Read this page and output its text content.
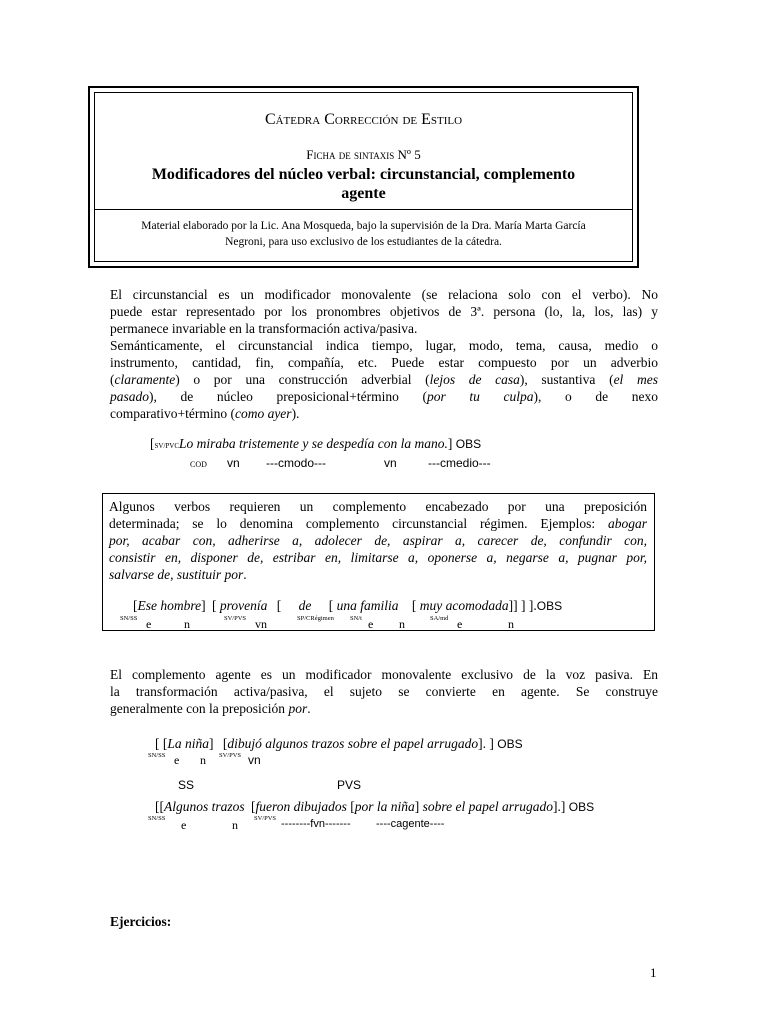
Cátedra Corrección de Estilo
Ficha de sintaxis Nº 5
Modificadores del núcleo verbal: circunstancial, complemento
agente
Material elaborado por la Lic. Ana Mosqueda, bajo la supervisión de la Dra. María Marta García
Negroni, para uso exclusivo de los estudiantes de la cátedra.
El circunstancial es un modificador monovalente (se relaciona solo con el verbo). No
puede estar representado por los pronombres objetivos de 3ª. persona (lo, la, los, las) y
permanece invariable en la transformación activa/pasiva.
Semánticamente, el circunstancial indica tiempo, lugar, modo, tema, causa, medio o
instrumento, cantidad, fin, compañía, etc. Puede estar compuesto por un adverbio
(claramente) o por una construcción adverbial (lejos de casa), sustantiva (el mes
pasado), de núcleo preposicional+término (por tu culpa), o de nexo
comparativo+término (como ayer).
[SV/PVCLo miraba tristemente y se despedía con la mano.] OBS
cod vn ---cmodo---	vn	---cmedio---
Algunos verbos requieren un complemento encabezado por una preposición
determinada; se lo denomina complemento circunstancial régimen. Ejemplos: abogar
por, acabar con, adherirse a, adolecer de, aspirar a, carecer de, confundir con,
consistir en, disponer de, estribar en, limitarse a, oponerse a, negarse a, pugnar por,
salvarse de, sustituir por.
[Ese hombre] [ provenía [ de [ una familia [ muy acomodada]] ] ].OBS
SN/SS e	n	SV/PVS vn	SP/CRégimen SN/t e n	SA/md e	n
El complemento agente es un modificador monovalente exclusivo de la voz pasiva. En
la transformación activa/pasiva, el sujeto se convierte en agente. Se construye
generalmente con la preposición por.
[ [La niña] [dibujó algunos trazos sobre el papel arrugado]. ] OBS
SN/SS e n SV/PVS vn
SS	PVS
[[Algunos trazos [fueron dibujados [por la niña] sobre el papel arrugado].] OBS
SN/SS e	n SV/PVS --------fvn------- ----cagente----
Ejercicios:
1
